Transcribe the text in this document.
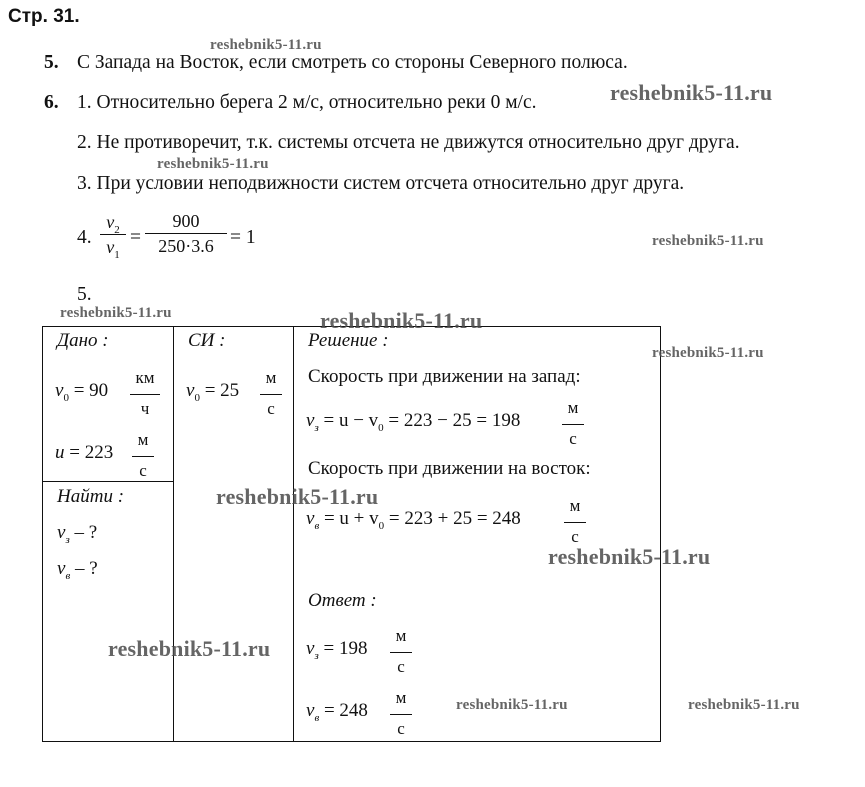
Стр. 31.
5. С Запада на Восток, если смотреть со стороны Северного полюса.
6. 1. Относительно берега 2 м/с, относительно реки 0 м/с.
2. Не противоречит, т.к. системы отсчета не движутся относительно друг друга.
3. При условии неподвижности систем отсчета относительно друг друга.
4.
$v_2$
$v_1$
=
900
250·3.6 = 1
5.
Дано :
$v_0 = 90$
км
ч
u = 223
м
с
Найти :
$v_з$ – ?
$v_в$ – ?
СИ :
$v_0 = 25$
м
с
Решение :
Скорость при движении на запад:
$v_з = u - v_0 = 223 - 25 = 198$
м
с
Скорость при движении на восток:
$v_в = u + v_0 = 223 + 25 = 248$
м
с
Ответ :
$v_з = 198$
м
с
$v_в = 248$
м
с
reshebnik5-11.ru
reshebnik5-11.ru
reshebnik5-11.ru
reshebnik5-11.ru
reshebnik5-11.ru	reshebnik5-11.ru
reshebnik5-11.ru
reshebnik5-11.ru
reshebnik5-11.ru
reshebnik5-11.ru
reshebnik5-11.ru	reshebnik5-11.ru
